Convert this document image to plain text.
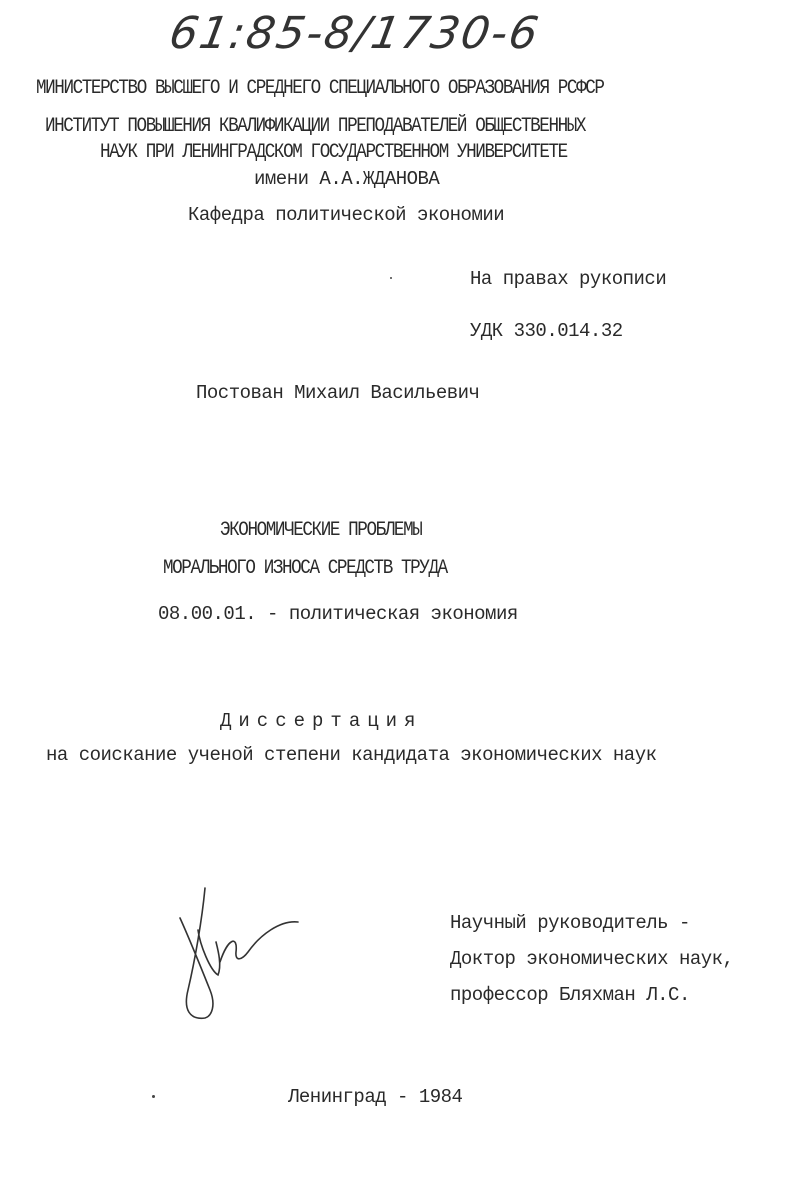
61:85-8/1730-6
МИНИСТЕРСТВО ВЫСШЕГО И СРЕДНЕГО СПЕЦИАЛЬНОГО ОБРАЗОВАНИЯ РСФСР
ИНСТИТУТ ПОВЫШЕНИЯ КВАЛИФИКАЦИИ ПРЕПОДАВАТЕЛЕЙ ОБЩЕСТВЕННЫХ
НАУК ПРИ ЛЕНИНГРАДСКОМ ГОСУДАРСТВЕННОМ УНИВЕРСИТЕТЕ
имени А.А.ЖДАНОВА
Кафедра политической экономии
На правах рукописи
УДК 330.014.32
Постован Михаил Васильевич
ЭКОНОМИЧЕСКИЕ ПРОБЛЕМЫ
МОРАЛЬНОГО ИЗНОСА СРЕДСТВ ТРУДА
08.00.01. - политическая экономия
Диссертация
на соискание ученой степени кандидата экономических наук
Научный руководитель -
Доктор экономических наук,
профессор Бляхман Л.С.
Ленинград - 1984
